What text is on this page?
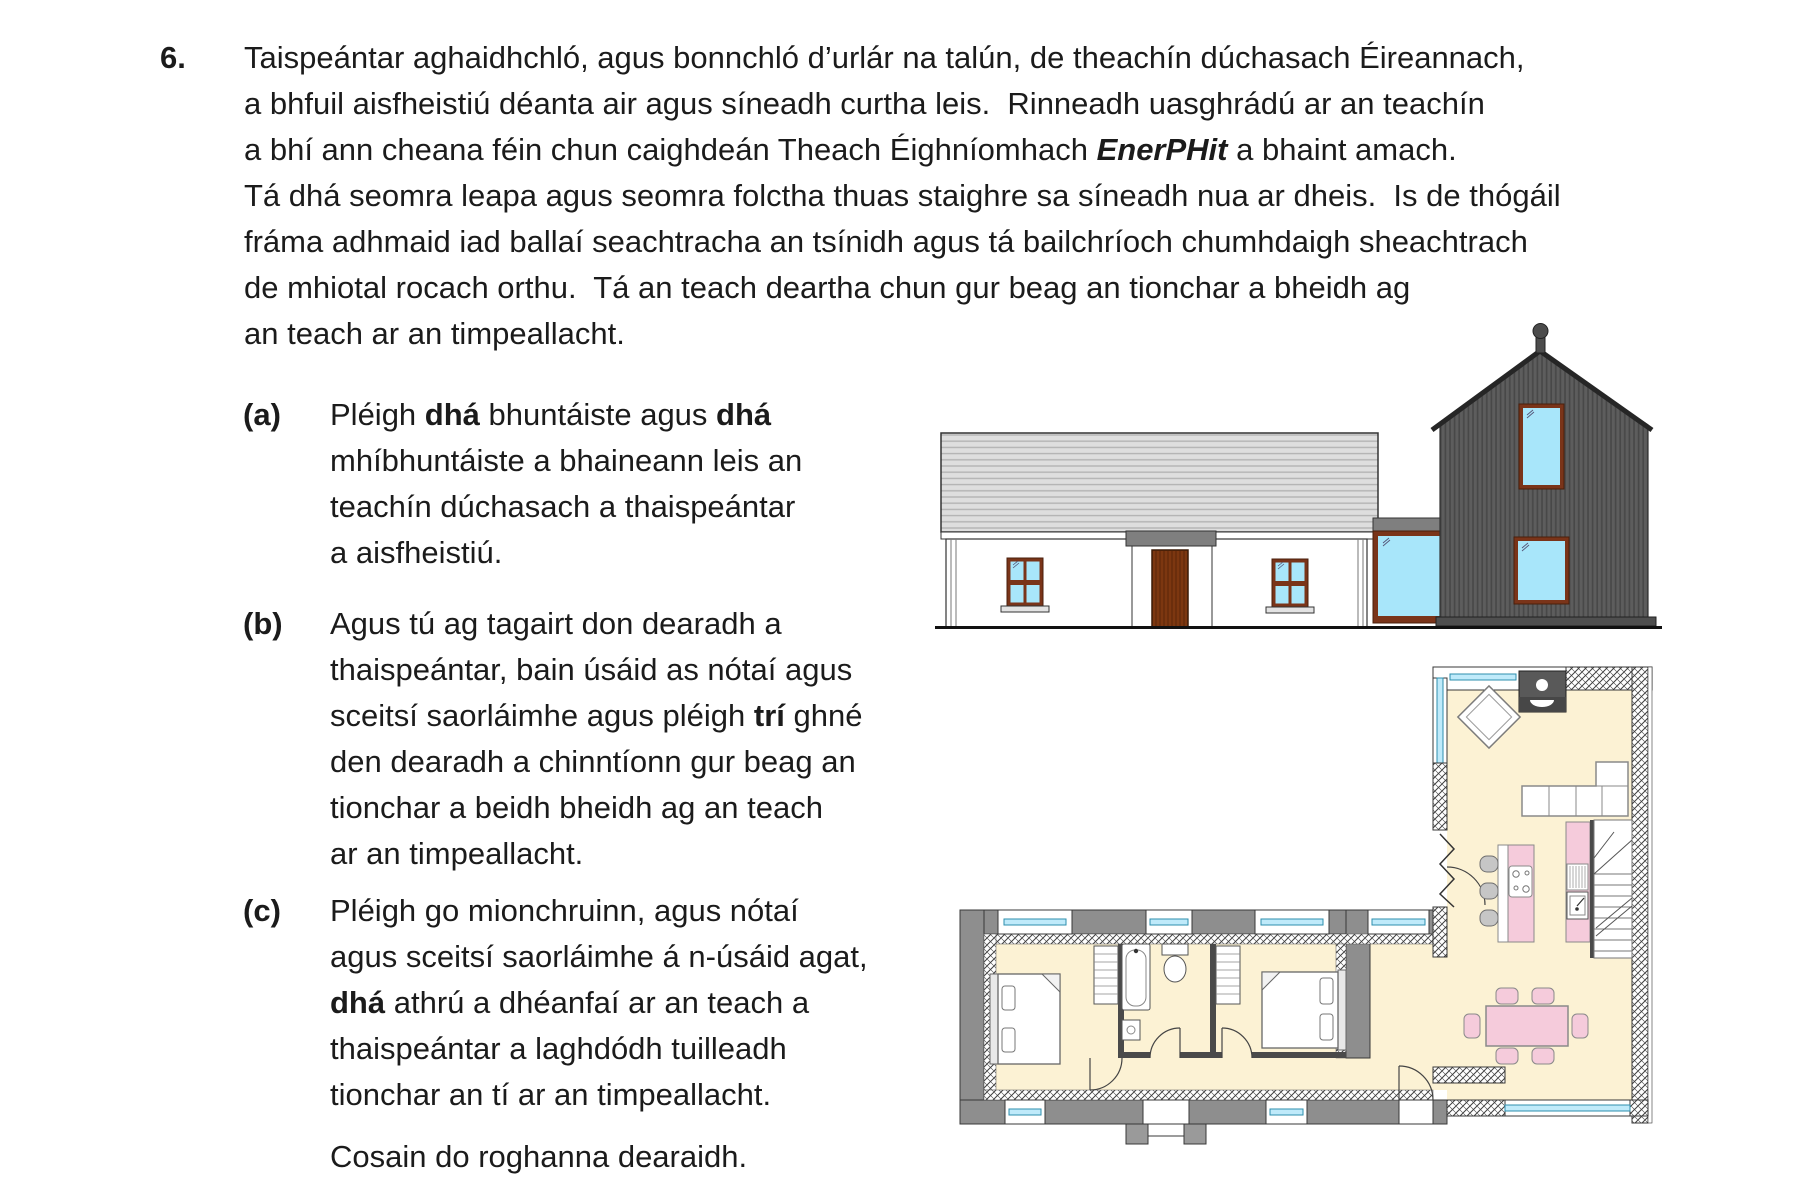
6. Taispeántar aghaidhchló, agus bonnchló d’urlár na talún, de theachín dúchasach Éireannach,
a bhfuil aisfheistiú déanta air agus síneadh curtha leis.  Rinneadh uasghrádú ar an teachín
a bhí ann cheana féin chun caighdeán Theach Éighníomhach EnerPHit a bhaint amach.
Tá dhá seomra leapa agus seomra folctha thuas staighre sa síneadh nua ar dheis.  Is de thógáil
fráma adhmaid iad ballaí seachtracha an tsínidh agus tá bailchríoch chumhdaigh sheachtrach
de mhiotal rocach orthu.  Tá an teach deartha chun gur beag an tionchar a bheidh ag
an teach ar an timpeallacht.
(a) Pléigh dhá bhuntáiste agus dhá
mhíbhuntáiste a bhaineann leis an
teachín dúchasach a thaispeántar
a aisfheistiú.
(b) Agus tú ag tagairt don dearadh a
thaispeántar, bain úsáid as nótaí agus
sceitsí saorláimhe agus pléigh trí ghné
den dearadh a chinntíonn gur beag an
tionchar a beidh bheidh ag an teach
ar an timpeallacht.
(c) Pléigh go mionchruinn, agus nótaí
agus sceitsí saorláimhe á n-úsáid agat,
dhá athrú a dhéanfaí ar an teach a
thaispeántar a laghdódh tuilleadh
tionchar an tí ar an timpeallacht.
Cosain do roghanna dearaidh.
